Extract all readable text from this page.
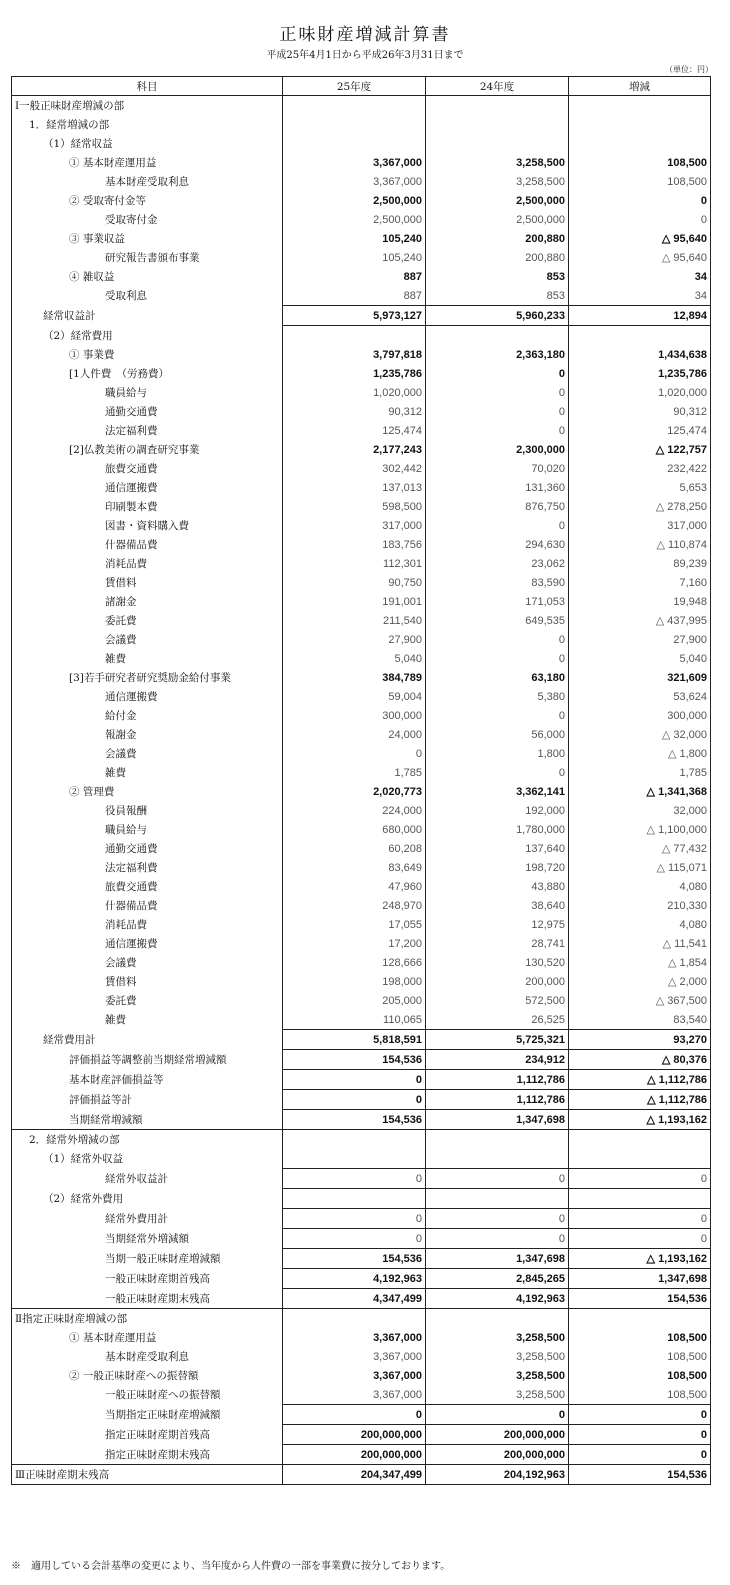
正味財産増減計算書
平成25年4月1日から平成26年3月31日まで
（単位：円）
科目	25年度	24年度	増減
Ⅰ一般正味財産増減の部			
1．経常増減の部			
（1）経常収益			
① 基本財産運用益	3,367,000	3,258,500	108,500
基本財産受取利息	3,367,000	3,258,500	108,500
② 受取寄付金等	2,500,000	2,500,000	0
受取寄付金	2,500,000	2,500,000	0
③ 事業収益	105,240	200,880	△ 95,640
研究報告書頒布事業	105,240	200,880	△ 95,640
④ 雑収益	887	853	34
受取利息	887	853	34
経常収益計	5,973,127	5,960,233	12,894
（2）経常費用			
① 事業費	3,797,818	2,363,180	1,434,638
[1人件費　（労務費）	1,235,786	0	1,235,786
職員給与	1,020,000	0	1,020,000
通勤交通費	90,312	0	90,312
法定福利費	125,474	0	125,474
[2]仏教美術の調査研究事業	2,177,243	2,300,000	△ 122,757
旅費交通費	302,442	70,020	232,422
通信運搬費	137,013	131,360	5,653
印刷製本費	598,500	876,750	△ 278,250
図書・資料購入費	317,000	0	317,000
什器備品費	183,756	294,630	△ 110,874
消耗品費	112,301	23,062	89,239
賃借料	90,750	83,590	7,160
諸謝金	191,001	171,053	19,948
委託費	211,540	649,535	△ 437,995
会議費	27,900	0	27,900
雑費	5,040	0	5,040
[3]若手研究者研究奨励金給付事業	384,789	63,180	321,609
通信運搬費	59,004	5,380	53,624
給付金	300,000	0	300,000
報謝金	24,000	56,000	△ 32,000
会議費	0	1,800	△ 1,800
雑費	1,785	0	1,785
② 管理費	2,020,773	3,362,141	△ 1,341,368
役員報酬	224,000	192,000	32,000
職員給与	680,000	1,780,000	△ 1,100,000
通勤交通費	60,208	137,640	△ 77,432
法定福利費	83,649	198,720	△ 115,071
旅費交通費	47,960	43,880	4,080
什器備品費	248,970	38,640	210,330
消耗品費	17,055	12,975	4,080
通信運搬費	17,200	28,741	△ 11,541
会議費	128,666	130,520	△ 1,854
賃借料	198,000	200,000	△ 2,000
委託費	205,000	572,500	△ 367,500
雑費	110,065	26,525	83,540
経常費用計	5,818,591	5,725,321	93,270
評価損益等調整前当期経常増減額	154,536	234,912	△ 80,376
基本財産評価損益等	0	1,112,786	△ 1,112,786
評価損益等計	0	1,112,786	△ 1,112,786
当期経常増減額	154,536	1,347,698	△ 1,193,162
2．経常外増減の部			
（1）経常外収益			
経常外収益計	0	0	0
（2）経常外費用			
経常外費用計	0	0	0
当期経常外増減額	0	0	0
当期一般正味財産増減額	154,536	1,347,698	△ 1,193,162
一般正味財産期首残高	4,192,963	2,845,265	1,347,698
一般正味財産期末残高	4,347,499	4,192,963	154,536
Ⅱ指定正味財産増減の部			
① 基本財産運用益	3,367,000	3,258,500	108,500
基本財産受取利息	3,367,000	3,258,500	108,500
② 一般正味財産への振替額	3,367,000	3,258,500	108,500
一般正味財産への振替額	3,367,000	3,258,500	108,500
当期指定正味財産増減額	0	0	0
指定正味財産期首残高	200,000,000	200,000,000	0
指定正味財産期末残高	200,000,000	200,000,000	0
Ⅲ正味財産期末残高	204,347,499	204,192,963	154,536
※　適用している会計基準の変更により、当年度から人件費の一部を事業費に按分しております。
